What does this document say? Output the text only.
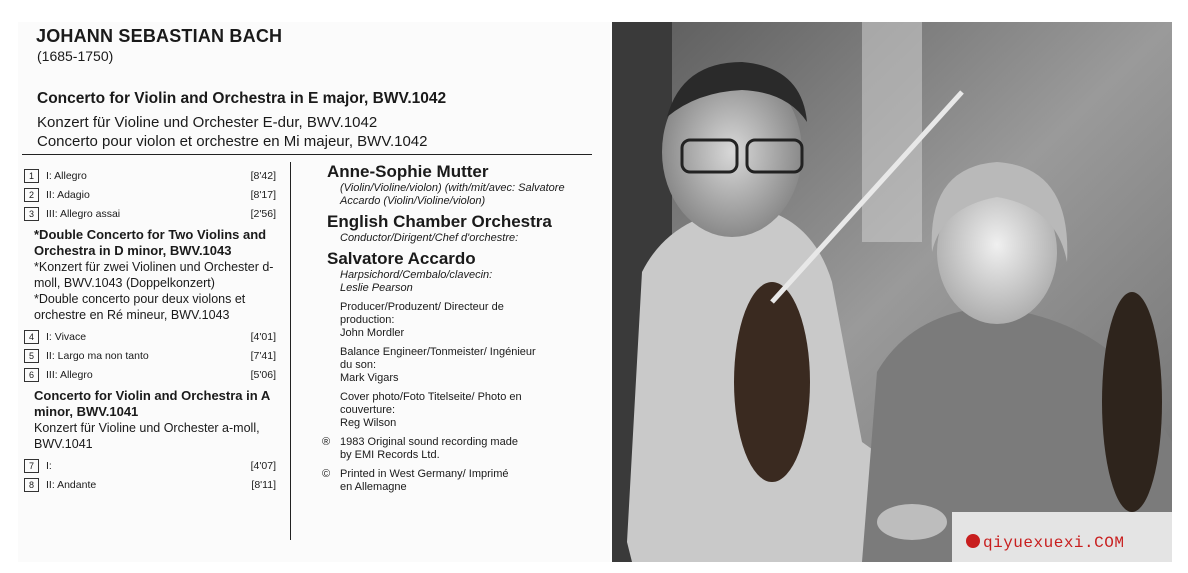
JOHANN SEBASTIAN BACH
(1685-1750)
Concerto for Violin and Orchestra in E major, BWV.1042
Konzert für Violine und Orchester E-dur, BWV.1042
Concerto pour violon et orchestre en Mi majeur, BWV.1042
1	I: Allegro	[8'42]
2	II: Adagio	[8'17]
3	III: Allegro assai	[2'56]
*Double Concerto for Two Violins and Orchestra in D minor, BWV.1043
*Konzert für zwei Violinen und Orchester d-moll, BWV.1043 (Doppelkonzert)
*Double concerto pour deux violons et orchestre en Ré mineur, BWV.1043
4	I: Vivace	[4'01]
5	II: Largo ma non tanto	[7'41]
6	III: Allegro	[5'06]
Concerto for Violin and Orchestra in A minor, BWV.1041
Konzert für Violine und Orchester a-moll, BWV.1041
7	I:	[4'07]
8	II: Andante	[8'11]
Anne-Sophie Mutter
(Violin/Violine/violon) (with/mit/avec: Salvatore Accardo (Violin/Violine/violon)
English Chamber Orchestra
Conductor/Dirigent/Chef d'orchestre:
Salvatore Accardo
Harpsichord/Cembalo/clavecin:
Leslie Pearson
Producer/Produzent/ Directeur de production:
John Mordler
Balance Engineer/Tonmeister/ Ingénieur du son:
Mark Vigars
Cover photo/Foto Titelseite/ Photo en couverture:
Reg Wilson
® 1983 Original sound recording made by EMI Records Ltd.
© Printed in West Germany/ Imprimé en Allemagne
qiyuexuexi.COM
